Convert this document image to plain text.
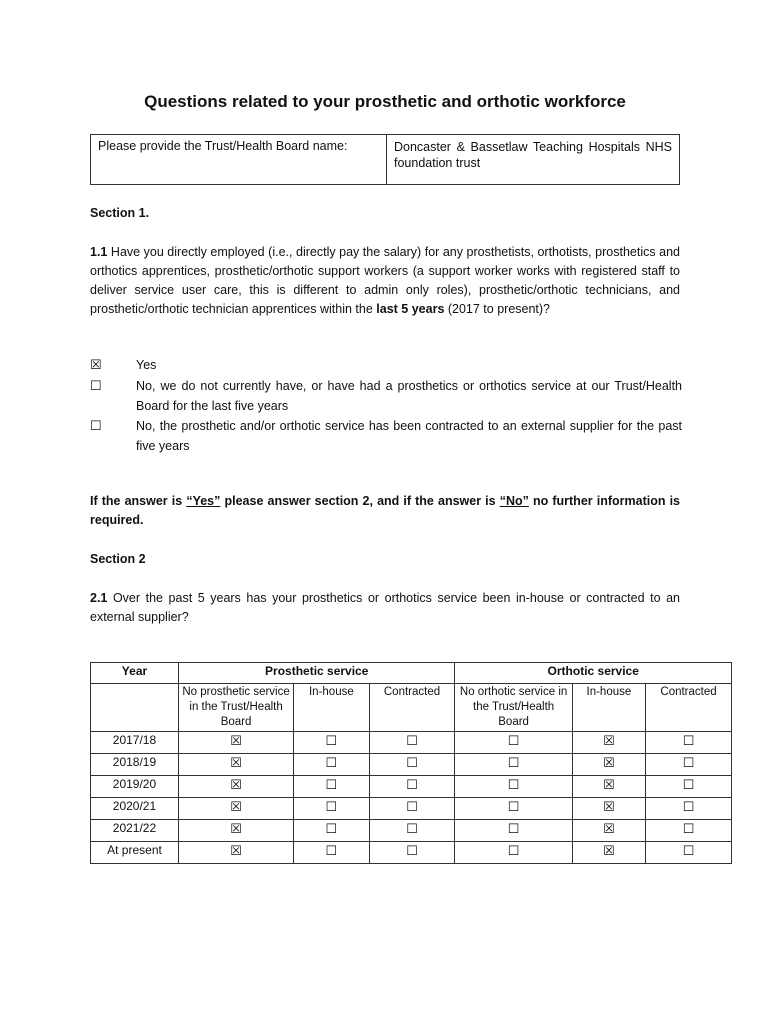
Questions related to your prosthetic and orthotic workforce
Please provide the Trust/Health Board name:	Doncaster & Bassetlaw Teaching Hospitals NHS foundation trust

Section 1.

1.1 Have you directly employed (i.e., directly pay the salary) for any prosthetists, orthotists, prosthetics and orthotics apprentices, prosthetic/orthotic support workers (a support worker works with registered staff to deliver service user care, this is different to admin only roles), prosthetic/orthotic technicians, and prosthetic/orthotic technician apprentices within the last 5 years (2017 to present)?

☒	Yes
☐	No, we do not currently have, or have had a prosthetics or orthotics service at our Trust/Health Board for the last five years
☐	No, the prosthetic and/or orthotic service has been contracted to an external supplier for the past five years

If the answer is “Yes” please answer section 2, and if the answer is “No” no further information is required.

Section 2

2.1 Over the past 5 years has your prosthetics or orthotics service been in-house or contracted to an external supplier?

Year	Prosthetic service			Orthotic service		
	No prosthetic service in the Trust/Health Board	In-house	Contracted	No orthotic service in the Trust/Health Board	In-house	Contracted
2017/18	☒	☐	☐	☐	☒	☐
2018/19	☒	☐	☐	☐	☒	☐
2019/20	☒	☐	☐	☐	☒	☐
2020/21	☒	☐	☐	☐	☒	☐
2021/22	☒	☐	☐	☐	☒	☐
At present	☒	☐	☐	☐	☒	☐
